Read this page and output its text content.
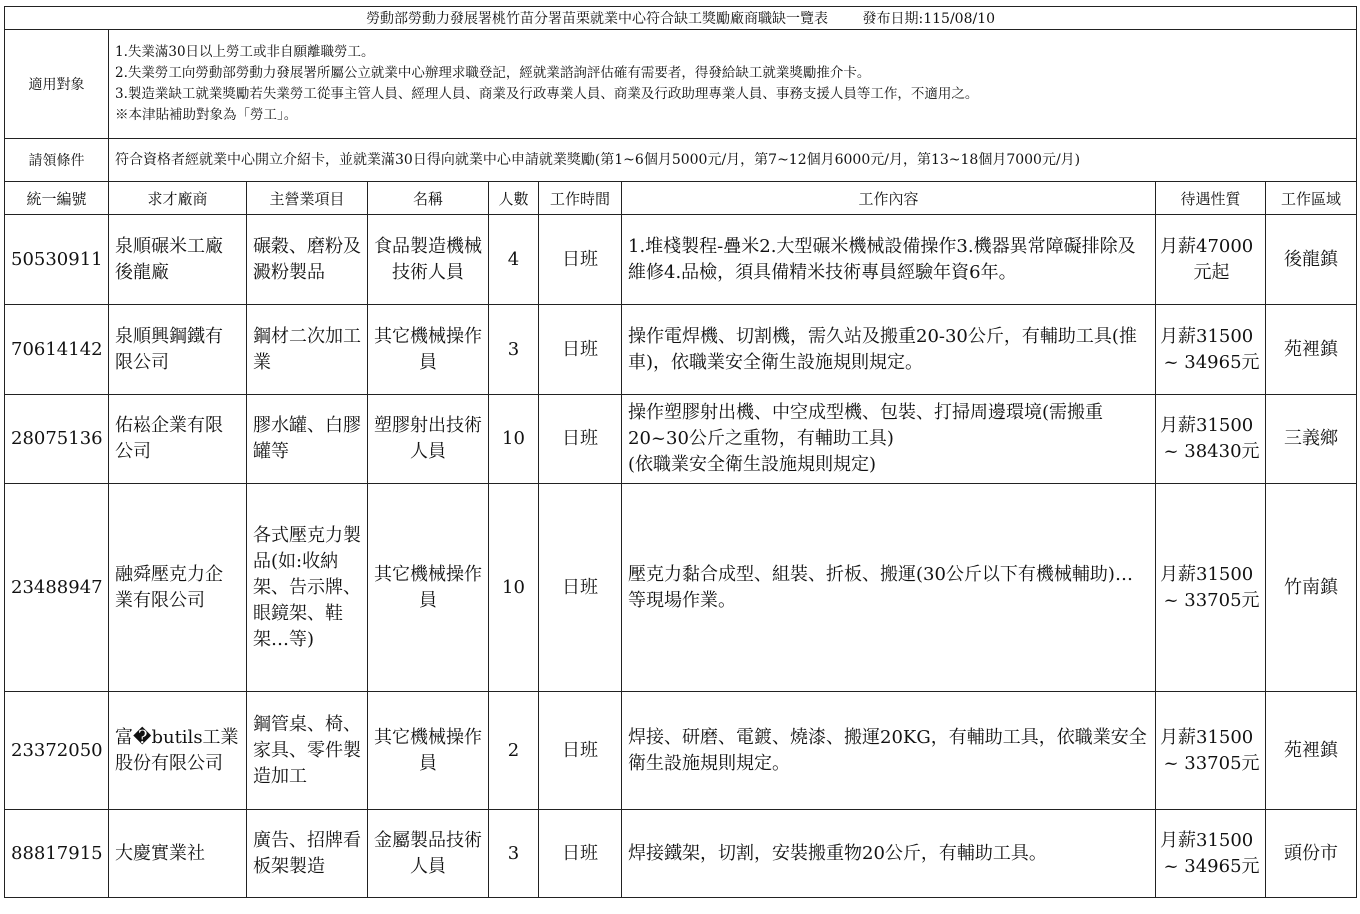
勞動部勞動力發展署桃竹苗分署苗栗就業中心符合缺工獎勵廠商職缺一覽表 發布日期:115/08/10								
適用對象	1.失業滿30日以上勞工或非自願離職勞工。
2.失業勞工向勞動部勞動力發展署所屬公立就業中心辦理求職登記，經就業諮詢評估確有需要者，得發給缺工就業獎勵推介卡。
3.製造業缺工就業獎勵若失業勞工從事主管人員、經理人員、商業及行政專業人員、商業及行政助理專業人員、事務支援人員等工作，不適用之。
※本津貼補助對象為「勞工」。							

請領條件	符合資格者經就業中心開立介紹卡，並就業滿30日得向就業中心申請就業獎勵(第1~6個月5000元/月，第7~12個月6000元/月，第13~18個月7000元/月)							
統一編號	求才廠商	主營業項目	名稱	人數	工作時間	工作內容	待遇性質	工作區域
50530911	泉順碾米工廠後龍廠	碾穀、磨粉及澱粉製品	食品製造機械技術人員	4	日班	1.堆棧製程-疊米2.大型碾米機械設備操作3.機器異常障礙排除及維修4.品檢，須具備精米技術專員經驗年資6年。	月薪47000
元起	後龍鎮
70614142	泉順興鋼鐵有限公司	鋼材二次加工業	其它機械操作員	3	日班	操作電焊機、切割機，需久站及搬重20-30公斤，有輔助工具(推車)，依職業安全衛生設施規則規定。	月薪31500
~ 34965元	苑裡鎮
28075136	佑崧企業有限公司	膠水罐、白膠罐等	塑膠射出技術人員	10	日班	操作塑膠射出機、中空成型機、包裝、打掃周邊環境(需搬重20~30公斤之重物，有輔助工具)
(依職業安全衛生設施規則規定)	月薪31500
~ 38430元	三義鄉
23488947	融舜壓克力企業有限公司	各式壓克力製品(如:收納架、告示牌、眼鏡架、鞋架…等)	其它機械操作員	10	日班	壓克力黏合成型、組裝、折板、搬運(30公斤以下有機械輔助)…等現場作業。	月薪31500
~ 33705元	竹南鎮
23372050	富�butils工業股份有限公司	鋼管桌、椅、家具、零件製造加工	其它機械操作員	2	日班	焊接、研磨、電鍍、燒漆、搬運20KG，有輔助工具，依職業安全衛生設施規則規定。	月薪31500
~ 33705元	苑裡鎮
88817915	大慶實業社	廣告、招牌看板架製造	金屬製品技術人員	3	日班	焊接鐵架，切割，安裝搬重物20公斤，有輔助工具。	月薪31500
~ 34965元	頭份市
